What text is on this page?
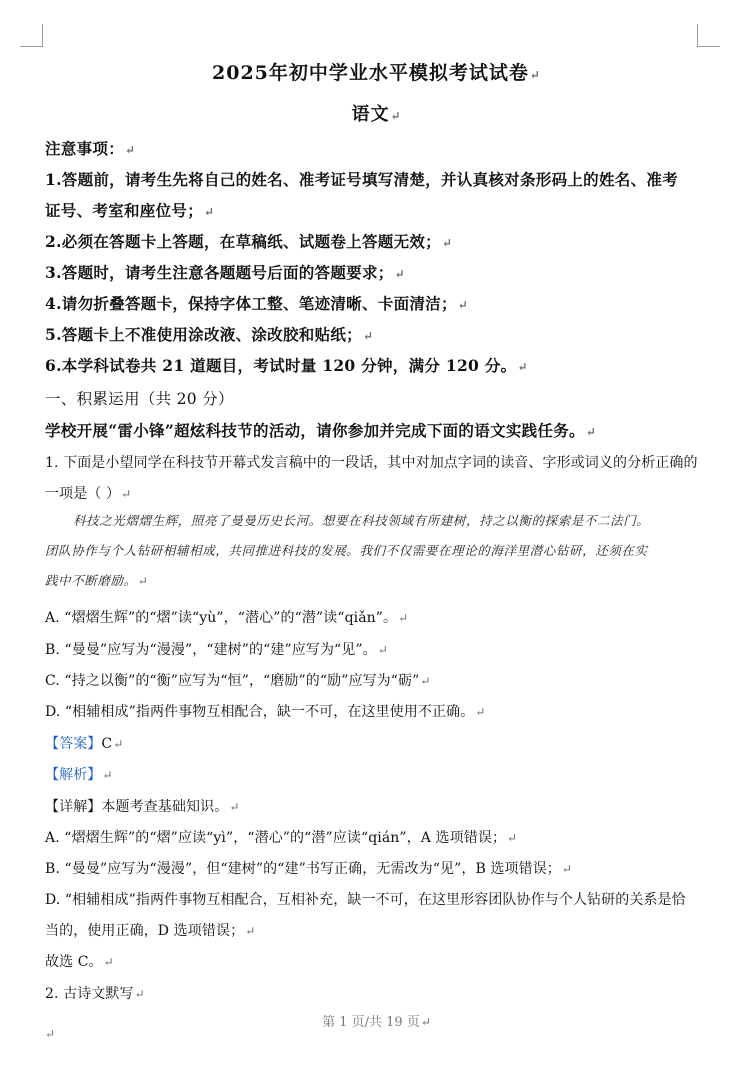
2025年初中学业水平模拟考试试卷↵
语文↵
注意事项：↵
1.答题前，请考生先将自己的姓名、准考证号填写清楚，并认真核对条形码上的姓名、准考
证号、考室和座位号；↵
2.必须在答题卡上答题，在草稿纸、试题卷上答题无效；↵
3.答题时，请考生注意各题题号后面的答题要求；↵
4.请勿折叠答题卡，保持字体工整、笔迹清晰、卡面清洁；↵
5.答题卡上不准使用涂改液、涂改胶和贴纸；↵
6.本学科试卷共 21 道题目，考试时量 120 分钟，满分 120 分。↵
一、积累运用（共 20 分）
学校开展“雷小锋”超炫科技节的活动，请你参加并完成下面的语文实践任务。↵
1. 下面是小望同学在科技节开幕式发言稿中的一段话，其中对加点字词的读音、字形或词义的分析正确的
一项是（ ）↵
科技之光熠熠生辉，照亮了曼曼历史长河。想要在科技领域有所建树，持之以衡的探索是不二法门。
团队协作与个人钻研相辅相成，共同推进科技的发展。我们不仅需要在理论的海洋里潜心钻研，还须在实
践中不断磨励。↵
A. “熠熠生辉”的“熠”读“yù”，“潜心”的“潜”读“qiǎn”。↵
B. “曼曼”应写为“漫漫”，“建树”的“建”应写为“见”。↵
C. “持之以衡”的“衡”应写为“恒”，“磨励”的“励”应写为“砺”↵
D. “相辅相成”指两件事物互相配合，缺一不可，在这里使用不正确。↵
【答案】C↵
【解析】↵
【详解】本题考查基础知识。↵
A. “熠熠生辉”的“熠”应读“yì”，“潜心”的“潜”应读“qián”，A 选项错误；↵
B. “曼曼”应写为“漫漫”，但“建树”的“建”书写正确，无需改为“见”，B 选项错误；↵
D. “相辅相成”指两件事物互相配合，互相补充，缺一不可，在这里形容团队协作与个人钻研的关系是恰
当的，使用正确，D 选项错误；↵
故选 C。↵
2. 古诗文默写↵
第 1 页/共 19 页↵
↵
